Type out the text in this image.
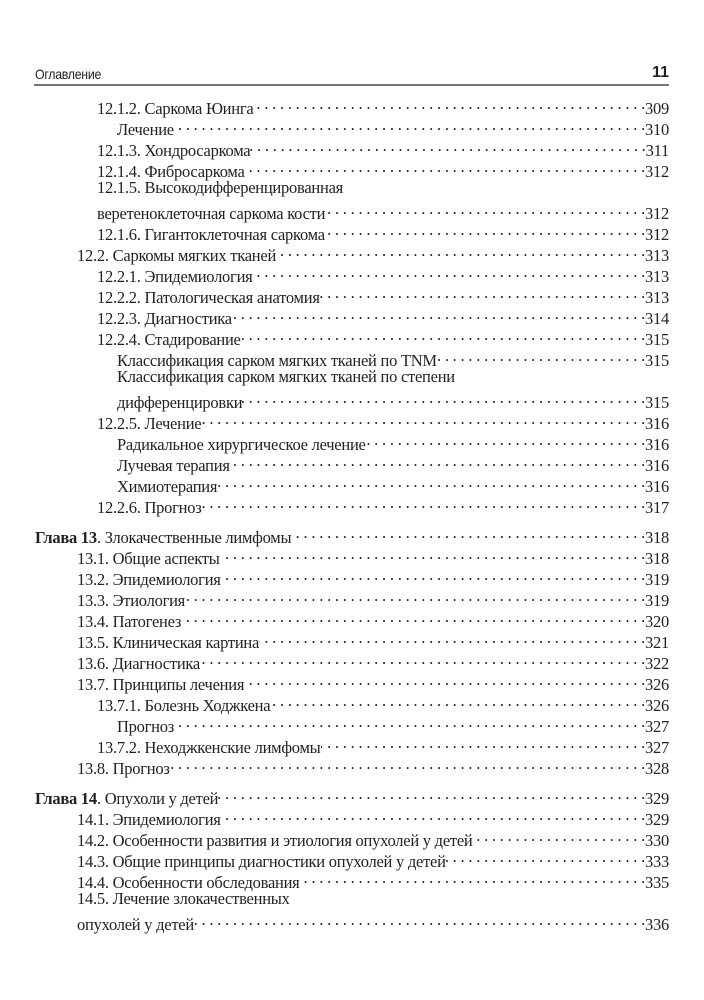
Оглавление	11
12.1.2. Саркома Юинга . . .	309
Лечение . . .	310
12.1.3. Хондросаркома . . .	311
12.1.4. Фибросаркома . . .	312
12.1.5. Высокодифференцированная
веретеноклеточная саркома кости . . .	312
12.1.6. Гигантоклеточная саркома . . .	312
12.2. Саркомы мягких тканей . . .	313
12.2.1. Эпидемиология . . .	313
12.2.2. Патологическая анатомия . . .	313
12.2.3. Диагностика . . .	314
12.2.4. Стадирование . . .	315
Классификация сарком мягких тканей по TNM . . .	315
Классификация сарком мягких тканей по степени
дифференцировки . . .	315
12.2.5. Лечение . . .	316
Радикальное хирургическое лечение . . .	316
Лучевая терапия . . .	316
Химиотерапия . . .	316
12.2.6. Прогноз . . .	317
Глава 13. Злокачественные лимфомы . . .	318
13.1. Общие аспекты . . .	318
13.2. Эпидемиология . . .	319
13.3. Этиология . . .	319
13.4. Патогенез . . .	320
13.5. Клиническая картина . . .	321
13.6. Диагностика . . .	322
13.7. Принципы лечения . . .	326
13.7.1. Болезнь Ходжкена . . .	326
Прогноз . . .	327
13.7.2. Неходжкенские лимфомы . . .	327
13.8. Прогноз . . .	328
Глава 14. Опухоли у детей . . .	329
14.1. Эпидемиология . . .	329
14.2. Особенности развития и этиология опухолей у детей . . .	330
14.3. Общие принципы диагностики опухолей у детей . . .	333
14.4. Особенности обследования . . .	335
14.5. Лечение злокачественных
опухолей у детей . . .	336
